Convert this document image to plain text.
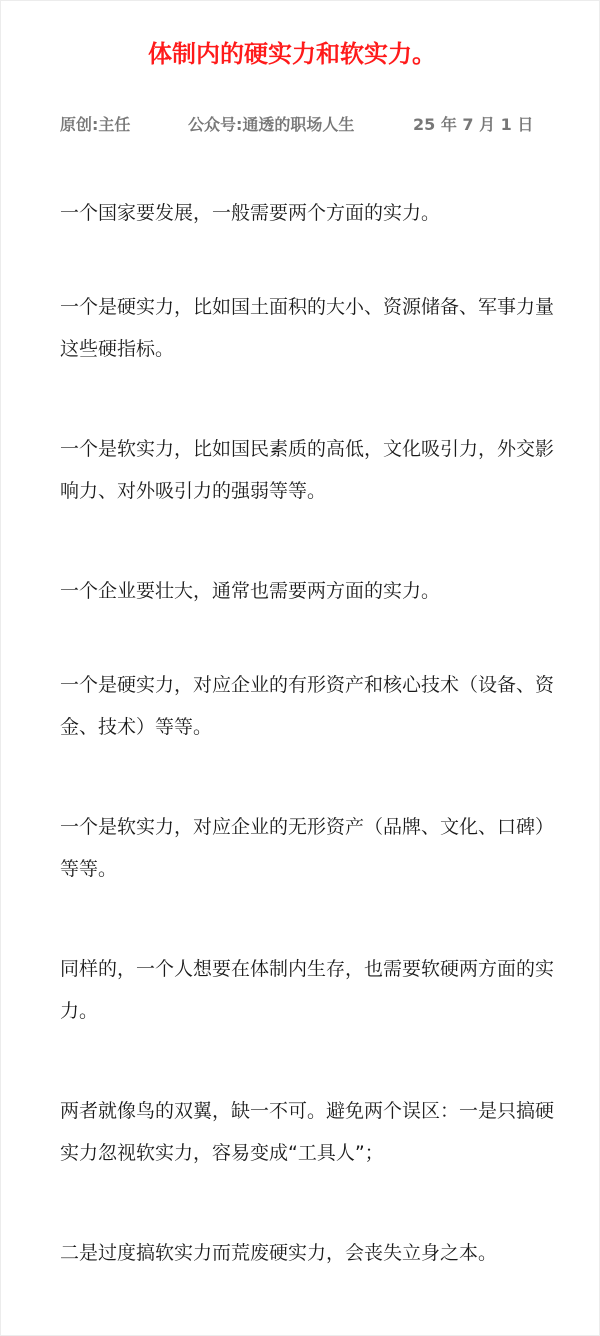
体制内的硬实力和软实力。
原创:主任	公众号:通透的职场人生	25 年 7 月 1 日

一个国家要发展，一般需要两个方面的实力。

一个是硬实力，比如国土面积的大小、资源储备、军事力量这些硬指标。

一个是软实力，比如国民素质的高低，文化吸引力，外交影响力、对外吸引力的强弱等等。

一个企业要壮大，通常也需要两方面的实力。

一个是硬实力，对应企业的有形资产和核心技术（设备、资金、技术）等等。

一个是软实力，对应企业的无形资产（品牌、文化、口碑）等等。

同样的，一个人想要在体制内生存，也需要软硬两方面的实力。

两者就像鸟的双翼，缺一不可。避免两个误区：一是只搞硬实力忽视软实力，容易变成“工具人”；

二是过度搞软实力而荒废硬实力，会丧失立身之本。
